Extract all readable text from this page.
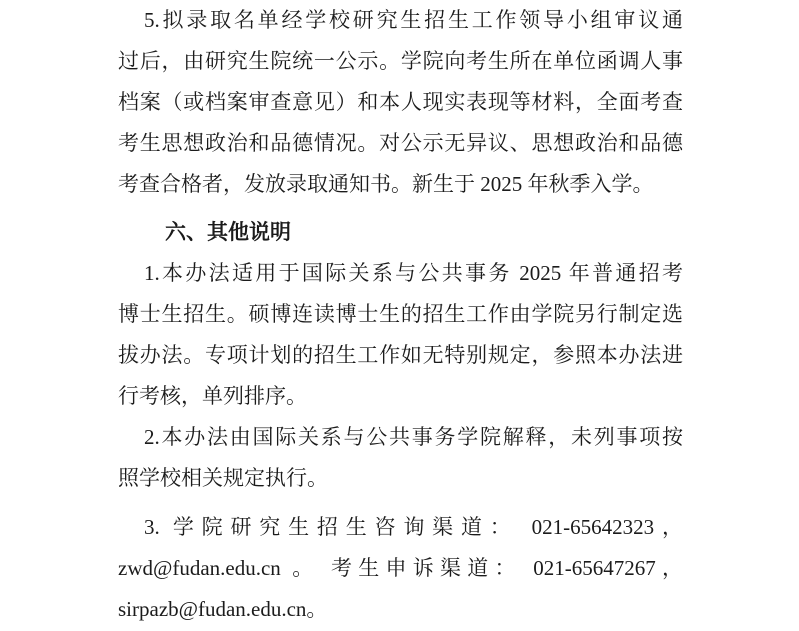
5.拟录取名单经学校研究生招生工作领导小组审议通
过后，由研究生院统一公示。学院向考生所在单位函调人事
档案（或档案审查意见）和本人现实表现等材料，全面考查
考生思想政治和品德情况。对公示无异议、思想政治和品德
考查合格者，发放录取通知书。新生于 2025 年秋季入学。
六、其他说明
1.本办法适用于国际关系与公共事务 2025 年普通招考
博士生招生。硕博连读博士生的招生工作由学院另行制定选
拔办法。专项计划的招生工作如无特别规定，参照本办法进
行考核，单列排序。
2.本办法由国际关系与公共事务学院解释，未列事项按
照学校相关规定执行。
3. 学院研究生招生咨询渠道： 021-65642323，
zwd@fudan.edu.cn 。 考生申诉渠道： 021-65647267，
sirpazb@fudan.edu.cn。
